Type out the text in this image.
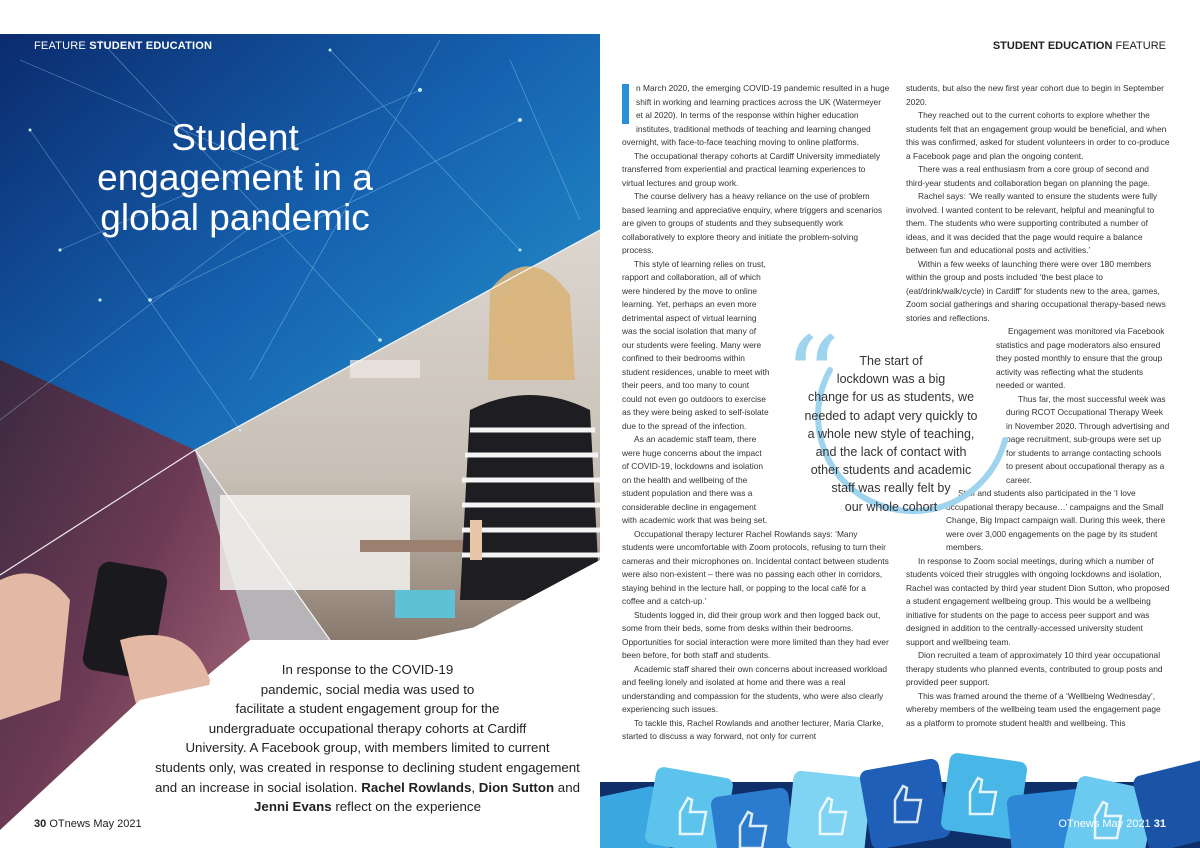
FEATURE STUDENT EDUCATION
Student
engagement in a
global pandemic
In response to the COVID-19
pandemic, social media was used to
facilitate a student engagement group for the
undergraduate occupational therapy cohorts at Cardiff
University. A Facebook group, with members limited to current
students only, was created in response to declining student engagement
and an increase in social isolation. Rachel Rowlands, Dion Sutton and
Jenni Evans reflect on the experience
30 OTnews May 2021
STUDENT EDUCATION FEATURE

n March 2020, the emerging COVID-19 pandemic resulted in a huge shift in working and learning practices across the UK (Watermeyer et al 2020). In terms of the response within higher education institutes, traditional methods of teaching and learning changed overnight, with face-to-face teaching moving to online platforms.

The occupational therapy cohorts at Cardiff University immediately transferred from experiential and practical learning experiences to virtual lectures and group work.

The course delivery has a heavy reliance on the use of problem based learning and appreciative enquiry, where triggers and scenarios are given to groups of students and they subsequently work collaboratively to explore theory and initiate the problem-solving process.

This style of learning relies on trust, rapport and collaboration, all of which were hindered by the move to online learning. Yet, perhaps an even more detrimental aspect of virtual learning was the social isolation that many of our students were feeling. Many were confined to their bedrooms within student residences, unable to meet with their peers, and too many to count could not even go outdoors to exercise as they were being asked to self-isolate due to the spread of the infection.

As an academic staff team, there were huge concerns about the impact of COVID-19, lockdowns and isolation on the health and wellbeing of the student population and there was a considerable decline in engagement with academic work that was being set.

Occupational therapy lecturer Rachel Rowlands says: ‘Many students were uncomfortable with Zoom protocols, refusing to turn their cameras and their microphones on. Incidental contact between students were also non-existent – there was no passing each other in corridors, staying behind in the lecture hall, or popping to the local café for a coffee and a catch-up.’

Students logged in, did their group work and then logged back out, some from their beds, some from desks within their bedrooms. Opportunities for social interaction were more limited than they had ever been before, for both staff and students.

Academic staff shared their own concerns about increased workload and feeling lonely and isolated at home and there was a real understanding and compassion for the students, who were also clearly experiencing such issues.

To tackle this, Rachel Rowlands and another lecturer, Maria Clarke, started to discuss a way forward, not only for current

students, but also the new first year cohort due to begin in September 2020.

They reached out to the current cohorts to explore whether the students felt that an engagement group would be beneficial, and when this was confirmed, asked for student volunteers in order to co-produce a Facebook page and plan the ongoing content.

There was a real enthusiasm from a core group of second and third-year students and collaboration began on planning the page.

Rachel says: ‘We really wanted to ensure the students were fully involved. I wanted content to be relevant, helpful and meaningful to them. The students who were supporting contributed a number of ideas, and it was decided that the page would require a balance between fun and educational posts and activities.’

Within a few weeks of launching there were over 180 members within the group and posts included ‘the best place to (eat/drink/walk/cycle) in Cardiff’ for students new to the area, games, Zoom social gatherings and sharing occupational therapy-based news stories and reflections.

Engagement was monitored via Facebook statistics and page moderators also ensured they posted monthly to ensure that the group activity was reflecting what the students needed or wanted.

Thus far, the most successful week was during RCOT Occupational Therapy Week in November 2020. Through advertising and page recruitment, sub-groups were set up for students to arrange contacting schools to present about occupational therapy as a career.

Staff and students also participated in the ‘I love occupational therapy because…’ campaigns and the Small Change, Big Impact campaign wall. During this week, there were over 3,000 engagements on the page by its student members.

In response to Zoom social meetings, during which a number of students voiced their struggles with ongoing lockdowns and isolation, Rachel was contacted by third year student Dion Sutton, who proposed a student engagement wellbeing group. This would be a wellbeing initiative for students on the page to access peer support and was designed in addition to the centrally-accessed university student support and wellbeing team.

Dion recruited a team of approximately 10 third year occupational therapy students who planned events, contributed to group posts and provided peer support.

This was framed around the theme of a ‘Wellbeing Wednesday’, whereby members of the wellbeing team used the engagement page as a platform to promote student health and wellbeing. This

OTnews May 2021 31
“	The start of
lockdown was a big
change for us as students, we
needed to adapt very quickly to
a whole new style of teaching,
and the lack of contact with
other students and academic
staff was really felt by
our whole cohort
